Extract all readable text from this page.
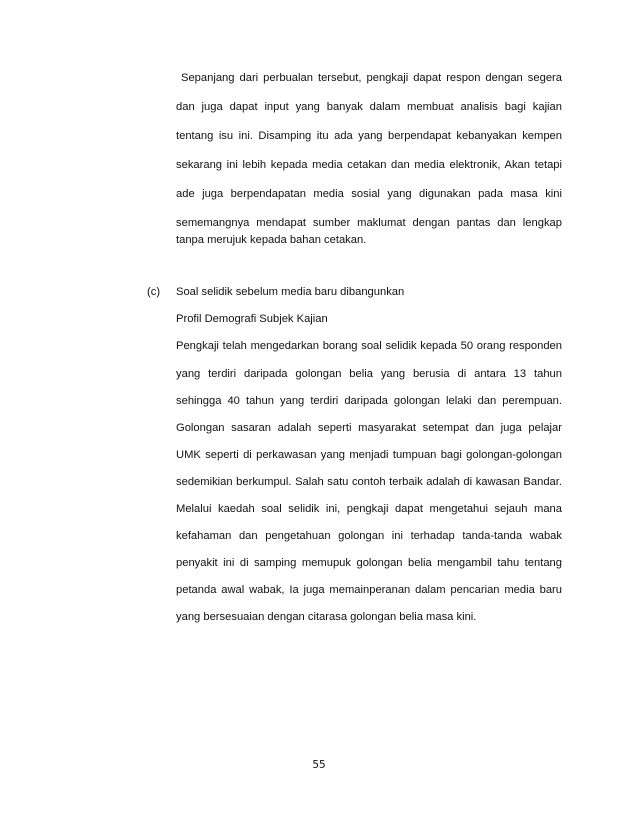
Sepanjang dari perbualan tersebut, pengkaji dapat respon dengan segera
dan juga dapat input yang banyak dalam membuat analisis bagi kajian
tentang isu ini. Disamping itu ada yang berpendapat kebanyakan kempen
sekarang ini lebih kepada media cetakan dan media elektronik, Akan tetapi
ade juga berpendapatan media sosial yang digunakan pada masa kini
sememangnya mendapat sumber maklumat dengan pantas dan lengkap
tanpa merujuk kepada bahan cetakan.
(c) Soal selidik sebelum media baru dibangunkan
Profil Demografi Subjek Kajian
Pengkaji telah mengedarkan borang soal selidik kepada 50 orang responden
yang terdiri daripada golongan belia yang berusia di antara 13 tahun
sehingga 40 tahun yang terdiri daripada golongan lelaki dan perempuan.
Golongan sasaran adalah seperti masyarakat setempat dan juga pelajar
UMK seperti di perkawasan yang menjadi tumpuan bagi golongan-golongan
sedemikian berkumpul. Salah satu contoh terbaik adalah di kawasan Bandar.
Melalui kaedah soal selidik ini, pengkaji dapat mengetahui sejauh mana
kefahaman dan pengetahuan golongan ini terhadap tanda-tanda wabak
penyakit ini di samping memupuk golongan belia mengambil tahu tentang
petanda awal wabak, Ia juga memainperanan dalam pencarian media baru
yang bersesuaian dengan citarasa golongan belia masa kini.
55
